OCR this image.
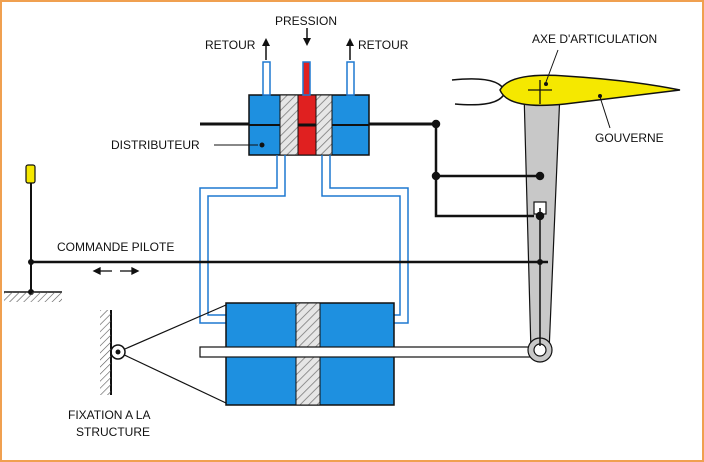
PRESSION
RETOUR	RETOUR
DISTRIBUTEUR
FIXATION A LA
STRUCTURE
AXE D'ARTICULATION
GOUVERNE
COMMANDE PILOTE
